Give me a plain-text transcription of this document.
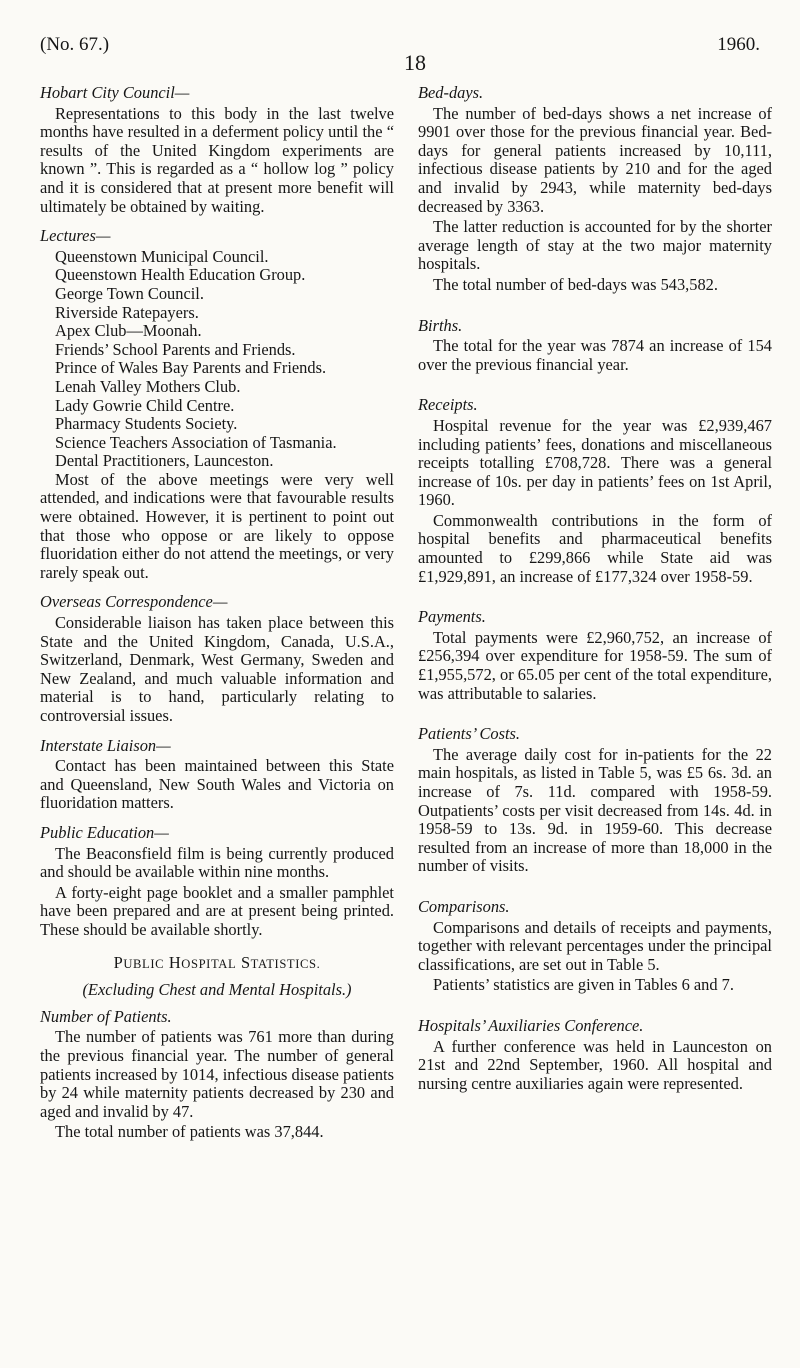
(No. 67.)
18
1960.
Hobart City Council—

Representations to this body in the last twelve months have resulted in a deferment policy until the “ results of the United Kingdom experiments are known ”. This is regarded as a “ hollow log ” policy and it is considered that at present more benefit will ultimately be obtained by waiting.

Lectures—
Queenstown Municipal Council.
Queenstown Health Education Group.
George Town Council.
Riverside Ratepayers.
Apex Club—Moonah.
Friends’ School Parents and Friends.
Prince of Wales Bay Parents and Friends.
Lenah Valley Mothers Club.
Lady Gowrie Child Centre.
Pharmacy Students Society.
Science Teachers Association of Tasmania.
Dental Practitioners, Launceston.

Most of the above meetings were very well attended, and indications were that favourable results were obtained. However, it is pertinent to point out that those who oppose or are likely to oppose fluoridation either do not attend the meetings, or very rarely speak out.

Overseas Correspondence—

Considerable liaison has taken place between this State and the United Kingdom, Canada, U.S.A., Switzerland, Denmark, West Germany, Sweden and New Zealand, and much valuable information and material is to hand, particularly relating to controversial issues.

Interstate Liaison—

Contact has been maintained between this State and Queensland, New South Wales and Victoria on fluoridation matters.

Public Education—

The Beaconsfield film is being currently produced and should be available within nine months.

A forty-eight page booklet and a smaller pamphlet have been prepared and are at present being printed. These should be available shortly.

PUBLIC HOSPITAL STATISTICS.
(Excluding Chest and Mental Hospitals.)
Number of Patients.

The number of patients was 761 more than during the previous financial year. The number of general patients increased by 1014, infectious disease patients by 24 while maternity patients decreased by 230 and aged and invalid by 47.

The total number of patients was 37,844.

Bed-days.

The number of bed-days shows a net increase of 9901 over those for the previous financial year. Bed-days for general patients increased by 10,111, infectious disease patients by 210 and for the aged and invalid by 2943, while maternity bed-days decreased by 3363.

The latter reduction is accounted for by the shorter average length of stay at the two major maternity hospitals.

The total number of bed-days was 543,582.

Births.

The total for the year was 7874 an increase of 154 over the previous financial year.

Receipts.

Hospital revenue for the year was £2,939,467 including patients’ fees, donations and miscellaneous receipts totalling £708,728. There was a general increase of 10s. per day in patients’ fees on 1st April, 1960.

Commonwealth contributions in the form of hospital benefits and pharmaceutical benefits amounted to £299,866 while State aid was £1,929,891, an increase of £177,324 over 1958-59.

Payments.

Total payments were £2,960,752, an increase of £256,394 over expenditure for 1958-59. The sum of £1,955,572, or 65.05 per cent of the total expenditure, was attributable to salaries.

Patients’ Costs.

The average daily cost for in-patients for the 22 main hospitals, as listed in Table 5, was £5 6s. 3d. an increase of 7s. 11d. compared with 1958-59. Outpatients’ costs per visit decreased from 14s. 4d. in 1958-59 to 13s. 9d. in 1959-60. This decrease resulted from an increase of more than 18,000 in the number of visits.

Comparisons.

Comparisons and details of receipts and payments, together with relevant percentages under the principal classifications, are set out in Table 5.

Patients’ statistics are given in Tables 6 and 7.

Hospitals’ Auxiliaries Conference.

A further conference was held in Launceston on 21st and 22nd September, 1960. All hospital and nursing centre auxiliaries again were represented.
